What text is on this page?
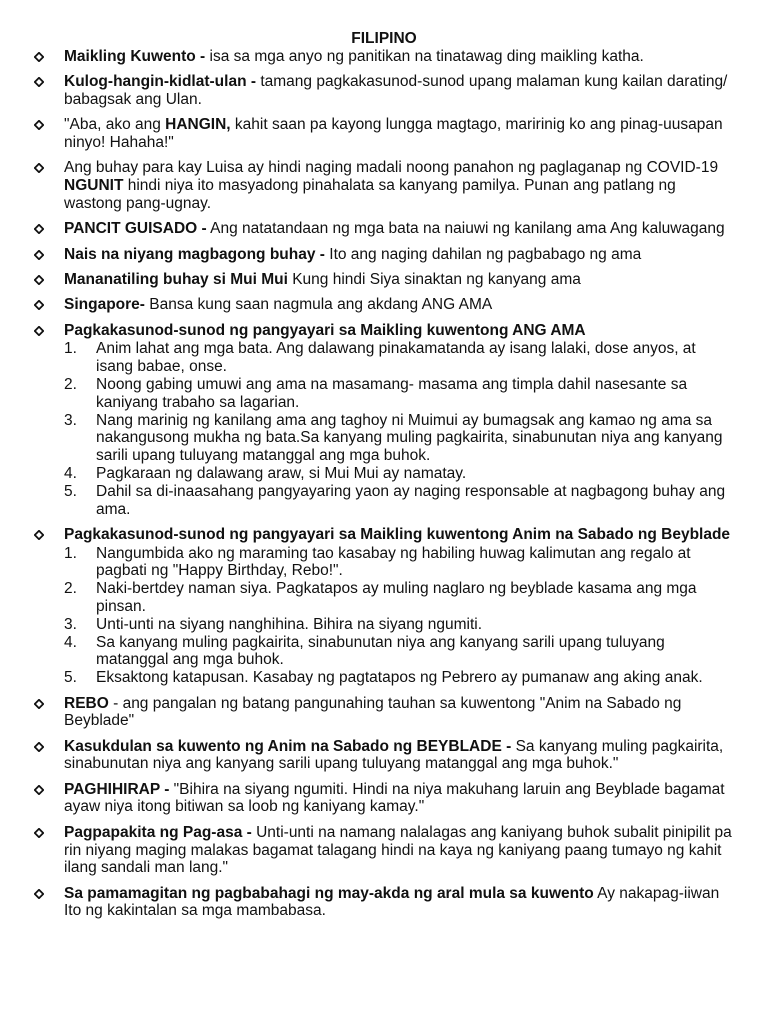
FILIPINO
Maikling Kuwento - isa sa mga anyo ng panitikan na tinatawag ding maikling katha.
Kulog-hangin-kidlat-ulan - tamang pagkakasunod-sunod upang malaman kung kailan darating/ babagsak ang Ulan.
"Aba, ako ang HANGIN, kahit saan pa kayong lungga magtago, maririnig ko ang pinag-uusapan ninyo! Hahaha!"
Ang buhay para kay Luisa ay hindi naging madali noong panahon ng paglaganap ng COVID-19 NGUNIT hindi niya ito masyadong pinahalata sa kanyang pamilya. Punan ang patlang ng wastong pang-ugnay.
PANCIT GUISADO - Ang natatandaan ng mga bata na naiuwi ng kanilang ama Ang kaluwagang
Nais na niyang magbagong buhay - Ito ang naging dahilan ng pagbabago ng ama
Mananatiling buhay si Mui Mui Kung hindi Siya sinaktan ng kanyang ama
Singapore- Bansa kung saan nagmula ang akdang ANG AMA
Pagkakasunod-sunod ng pangyayari sa Maikling kuwentong ANG AMA
1. Anim lahat ang mga bata. Ang dalawang pinakamatanda ay isang lalaki, dose anyos, at isang babae, onse.
2. Noong gabing umuwi ang ama na masamang- masama ang timpla dahil nasesante sa kaniyang trabaho sa lagarian.
3. Nang marinig ng kanilang ama ang taghoy ni Muimui ay bumagsak ang kamao ng ama sa nakangusong mukha ng bata.Sa kanyang muling pagkairita, sinabunutan niya ang kanyang sarili upang tuluyang matanggal ang mga buhok.
4. Pagkaraan ng dalawang araw, si Mui Mui ay namatay.
5. Dahil sa di-inaasahang pangyayaring yaon ay naging responsable at nagbagong buhay ang ama.
Pagkakasunod-sunod ng pangyayari sa Maikling kuwentong Anim na Sabado ng Beyblade
1. Nangumbida ako ng maraming tao kasabay ng habiling huwag kalimutan ang regalo at pagbati ng "Happy Birthday, Rebo!".
2. Naki-bertdey naman siya. Pagkatapos ay muling naglaro ng beyblade kasama ang mga pinsan.
3. Unti-unti na siyang nanghihina. Bihira na siyang ngumiti.
4. Sa kanyang muling pagkairita, sinabunutan niya ang kanyang sarili upang tuluyang matanggal ang mga buhok.
5. Eksaktong katapusan. Kasabay ng pagtatapos ng Pebrero ay pumanaw ang aking anak.
REBO - ang pangalan ng batang pangunahing tauhan sa kuwentong "Anim na Sabado ng Beyblade"
Kasukdulan sa kuwento ng Anim na Sabado ng BEYBLADE - Sa kanyang muling pagkairita, sinabunutan niya ang kanyang sarili upang tuluyang matanggal ang mga buhok."
PAGHIHIRAP - "Bihira na siyang ngumiti. Hindi na niya makuhang laruin ang Beyblade bagamat ayaw niya itong bitiwan sa loob ng kaniyang kamay."
Pagpapakita ng Pag-asa - Unti-unti na namang nalalagas ang kaniyang buhok subalit pinipilit pa rin niyang maging malakas bagamat talagang hindi na kaya ng kaniyang paang tumayo ng kahit ilang sandali man lang."
Sa pamamagitan ng pagbabahagi ng may-akda ng aral mula sa kuwento Ay nakapag-iiwan Ito ng kakintalan sa mga mambabasa.
